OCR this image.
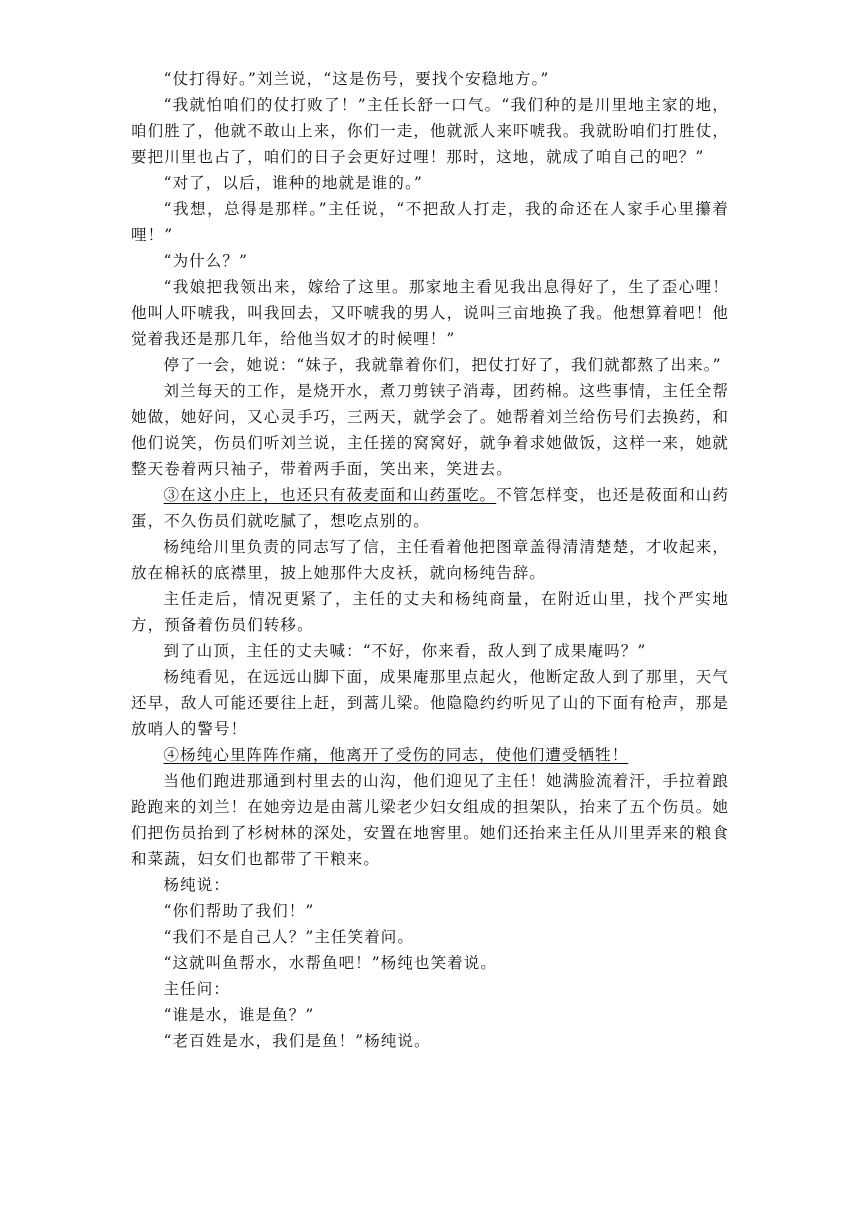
“仗打得好。”刘兰说，“这是伤号，要找个安稳地方。”

“我就怕咱们的仗打败了！”主任长舒一口气。“我们种的是川里地主家的地，咱们胜了，他就不敢山上来，你们一走，他就派人来吓唬我。我就盼咱们打胜仗，要把川里也占了，咱们的日子会更好过哩！那时，这地，就成了咱自己的吧？”

“对了，以后，谁种的地就是谁的。”

“我想，总得是那样。”主任说，“不把敌人打走，我的命还在人家手心里攥着哩！”

“为什么？”

“我娘把我领出来，嫁给了这里。那家地主看见我出息得好了，生了歪心哩！他叫人吓唬我，叫我回去，又吓唬我的男人，说叫三亩地换了我。他想算着吧！他觉着我还是那几年，给他当奴才的时候哩！”

停了一会，她说：“妹子，我就靠着你们，把仗打好了，我们就都熬了出来。”

刘兰每天的工作，是烧开水，煮刀剪铗子消毒，团药棉。这些事情，主任全帮她做，她好问，又心灵手巧，三两天，就学会了。她帮着刘兰给伤号们去换药，和他们说笑，伤员们听刘兰说，主任搓的窝窝好，就争着求她做饭，这样一来，她就整天卷着两只袖子，带着两手面，笑出来，笑进去。

③在这小庄上，也还只有莜麦面和山药蛋吃。不管怎样变，也还是莜面和山药蛋，不久伤员们就吃腻了，想吃点别的。

杨纯给川里负责的同志写了信，主任看着他把图章盖得清清楚楚，才收起来，放在棉袄的底襟里，披上她那件大皮袄，就向杨纯告辞。

主任走后，情况更紧了，主任的丈夫和杨纯商量，在附近山里，找个严实地方，预备着伤员们转移。

到了山顶，主任的丈夫喊：“不好，你来看，敌人到了成果庵吗？”

杨纯看见，在远远山脚下面，成果庵那里点起火，他断定敌人到了那里，天气还早，敌人可能还要往上赶，到蒿儿梁。他隐隐约约听见了山的下面有枪声，那是放哨人的警号！

④杨纯心里阵阵作痛，他离开了受伤的同志，使他们遭受牺牲！

当他们跑进那通到村里去的山沟，他们迎见了主任！她满脸流着汗，手拉着踉跄跑来的刘兰！在她旁边是由蒿儿梁老少妇女组成的担架队，抬来了五个伤员。她们把伤员抬到了杉树林的深处，安置在地窖里。她们还抬来主任从川里弄来的粮食和菜蔬，妇女们也都带了干粮来。

杨纯说：

“你们帮助了我们！”

“我们不是自己人？”主任笑着问。

“这就叫鱼帮水，水帮鱼吧！”杨纯也笑着说。

主任问：

“谁是水，谁是鱼？”

“老百姓是水，我们是鱼！”杨纯说。
